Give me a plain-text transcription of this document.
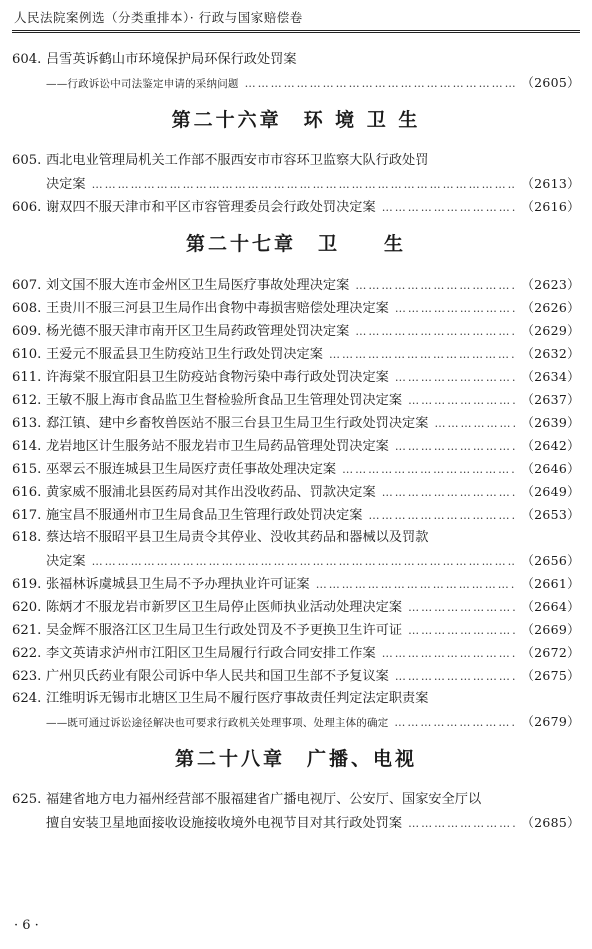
人民法院案例选（分类重排本）· 行政与国家赔偿卷
604. 吕雪英诉鹤山市环境保护局环保行政处罚案
——行政诉讼中司法鉴定申请的采纳问题 ……………………………………………………………………………………………………………………………………………………	（2605）
第二十六章　环 境 卫 生
605. 西北电业管理局机关工作部不服西安市市容环卫监察大队行政处罚
决定案 ……………………………………………………………………………………………………………………………………………………	（2613）
606. 谢双四不服天津市和平区市容管理委员会行政处罚决定案 ……………………………………………………………………………………………………………………………………………………	（2616）
第二十七章　卫　　生
607. 刘文国不服大连市金州区卫生局医疗事故处理决定案 ……………………………………………………………………………………………………………………………………………………	（2623）
608. 王贵川不服三河县卫生局作出食物中毒损害赔偿处理决定案 ……………………………………………………………………………………………………………………………………………………	（2626）
609. 杨光德不服天津市南开区卫生局药政管理处罚决定案 ……………………………………………………………………………………………………………………………………………………	（2629）
610. 王爱元不服孟县卫生防疫站卫生行政处罚决定案 ……………………………………………………………………………………………………………………………………………………	（2632）
611. 许海棠不服宜阳县卫生防疫站食物污染中毒行政处罚决定案 ……………………………………………………………………………………………………………………………………………………	（2634）
612. 王敏不服上海市食品监卫生督检验所食品卫生管理处罚决定案 ……………………………………………………………………………………………………………………………………………………	（2637）
613. 郄江镇、建中乡畜牧兽医站不服三台县卫生局卫生行政处罚决定案 ……………………………………………………………………………………………………………………………………………………	（2639）
614. 龙岩地区计生服务站不服龙岩市卫生局药品管理处罚决定案 ……………………………………………………………………………………………………………………………………………………	（2642）
615. 巫翠云不服连城县卫生局医疗责任事故处理决定案 ……………………………………………………………………………………………………………………………………………………	（2646）
616. 黄家威不服浦北县医药局对其作出没收药品、罚款决定案 ……………………………………………………………………………………………………………………………………………………	（2649）
617. 施宝昌不服通州市卫生局食品卫生管理行政处罚决定案 ……………………………………………………………………………………………………………………………………………………	（2653）
618. 蔡达培不服昭平县卫生局责令其停业、没收其药品和器械以及罚款
决定案 ……………………………………………………………………………………………………………………………………………………	（2656）
619. 张福林诉虞城县卫生局不予办理执业许可证案 ……………………………………………………………………………………………………………………………………………………	（2661）
620. 陈炳才不服龙岩市新罗区卫生局停止医师执业活动处理决定案 ……………………………………………………………………………………………………………………………………………………	（2664）
621. 吴金辉不服洛江区卫生局卫生行政处罚及不予更换卫生许可证 ……………………………………………………………………………………………………………………………………………………	（2669）
622. 李文英请求泸州市江阳区卫生局履行行政合同安排工作案 ……………………………………………………………………………………………………………………………………………………	（2672）
623. 广州贝氏药业有限公司诉中华人民共和国卫生部不予复议案 ……………………………………………………………………………………………………………………………………………………	（2675）
624. 江维明诉无锡市北塘区卫生局不履行医疗事故责任判定法定职责案
——既可通过诉讼途径解决也可要求行政机关处理事项、处理主体的确定 ……………………………………………………………………………………………………………………………………………………	（2679）
第二十八章　广播、电视
625. 福建省地方电力福州经营部不服福建省广播电视厅、公安厅、国家安全厅以
擅自安装卫星地面接收设施接收境外电视节目对其行政处罚案 ……………………………………………………………………………………………………………………………………………………	（2685）
· 6 ·
